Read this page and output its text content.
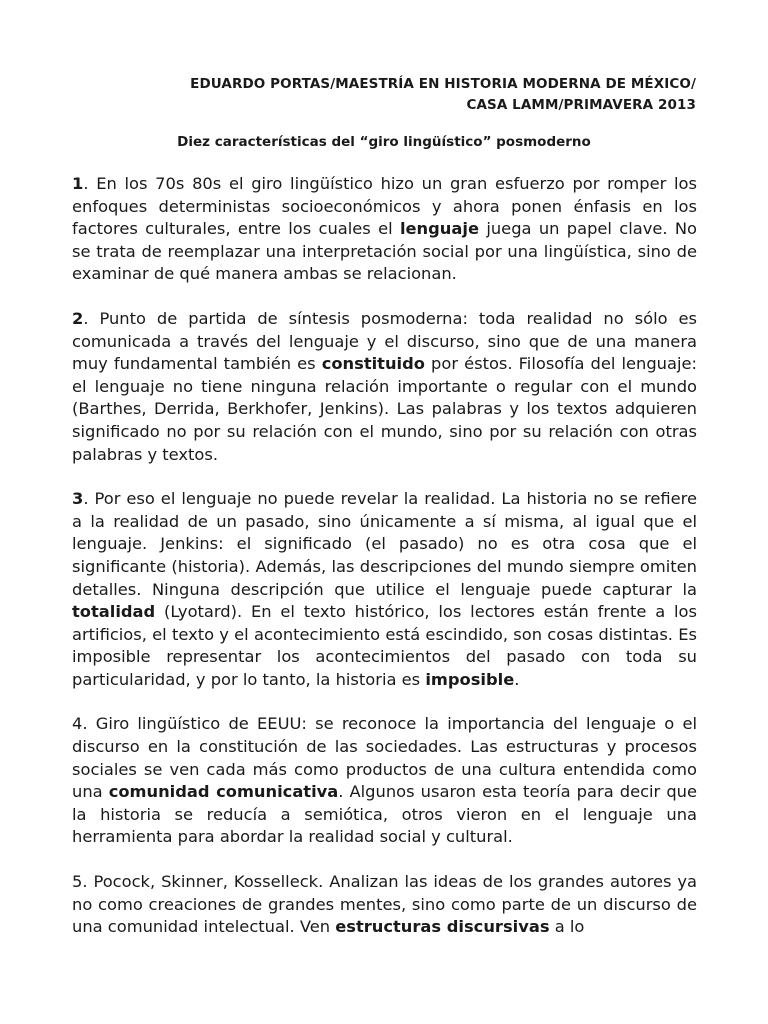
EDUARDO PORTAS/MAESTRÍA EN HISTORIA MODERNA DE MÉXICO/
CASA LAMM/PRIMAVERA 2013
Diez características del “giro lingüístico” posmoderno

1. En los 70s 80s el giro lingüístico hizo un gran esfuerzo por romper los enfoques deterministas socioeconómicos y ahora ponen énfasis en los factores culturales, entre los cuales el lenguaje juega un papel clave. No se trata de reemplazar una interpretación social por una lingüística, sino de examinar de qué manera ambas se relacionan.

2. Punto de partida de síntesis posmoderna: toda realidad no sólo es comunicada a través del lenguaje y el discurso, sino que de una manera muy fundamental también es constituido por éstos. Filosofía del lenguaje: el lenguaje no tiene ninguna relación importante o regular con el mundo (Barthes, Derrida, Berkhofer, Jenkins). Las palabras y los textos adquieren significado no por su relación con el mundo, sino por su relación con otras palabras y textos.

3. Por eso el lenguaje no puede revelar la realidad. La historia no se refiere a la realidad de un pasado, sino únicamente a sí misma, al igual que el lenguaje. Jenkins: el significado (el pasado) no es otra cosa que el significante (historia). Además, las descripciones del mundo siempre omiten detalles. Ninguna descripción que utilice el lenguaje puede capturar la totalidad (Lyotard). En el texto histórico, los lectores están frente a los artificios, el texto y el acontecimiento está escindido, son cosas distintas. Es imposible representar los acontecimientos del pasado con toda su particularidad, y por lo tanto, la historia es imposible.

4. Giro lingüístico de EEUU: se reconoce la importancia del lenguaje o el discurso en la constitución de las sociedades. Las estructuras y procesos sociales se ven cada más como productos de una cultura entendida como una comunidad comunicativa. Algunos usaron esta teoría para decir que la historia se reducía a semiótica, otros vieron en el lenguaje una herramienta para abordar la realidad social y cultural.

5. Pocock, Skinner, Kosselleck. Analizan las ideas de los grandes autores ya no como creaciones de grandes mentes, sino como parte de un discurso de una comunidad intelectual. Ven estructuras discursivas a lo
